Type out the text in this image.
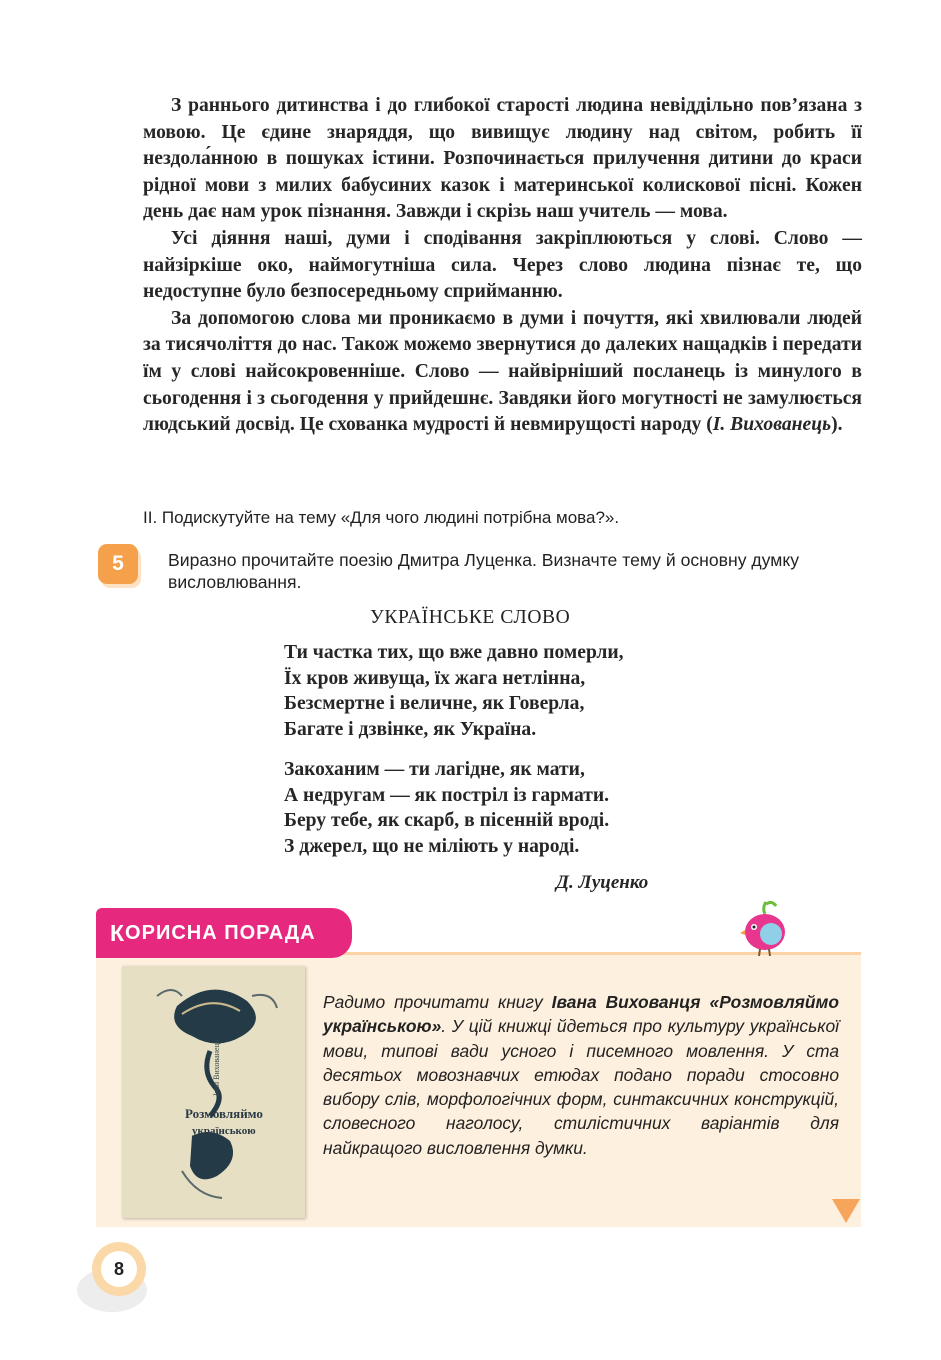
З раннього дитинства і до глибокої старості людина невіддільно пов’язана з мовою. Це єдине знаряддя, що вивищує людину над світом, робить її нездола́нною в пошуках істини. Розпочинається прилучення дитини до краси рідної мови з милих бабусиних казок і материнської колискової пісні. Кожен день дає нам урок пізнання. Завжди і скрізь наш учитель — мова.

Усі діяння наші, думи і сподівання закріплюються у слові. Слово — найзіркіше око, наймогутніша сила. Через слово людина пізнає те, що недоступне було безпосередньому сприйманню.

За допомогою слова ми проникаємо в думи і почуття, які хвилювали людей за тисячоліття до нас. Також можемо звернутися до далеких нащадків і передати їм у слові найсокровенніше. Слово — найвірніший посланець із минулого в сьогодення і з сьогодення у прийдешнє. Завдяки його могутності не замулюється людський досвід. Це схованка мудрості й невмирущості народу (І. Вихованець).

ІІ. Подискутуйте на тему «Для чого людині потрібна мова?».
5	Виразно прочитайте поезію Дмитра Луценка. Визначте тему й основну думку висловлювання.
УКРАЇНСЬКЕ СЛОВО
Ти частка тих, що вже давно померли,
Їх кров живуща, їх жага нетлінна,
Безсмертне і величне, як Говерла,
Багате і дзвінке, як Україна.
Закоханим — ти лагідне, як мати,
А недругам — як постріл із гармати.
Беру тебе, як скарб, в пісенній вроді.
З джерел, що не міліють у народі.
Д. Луценко
К ОРИСНА ПОРАДА
Розмовляймо
українською
Іван Вихованець
Радимо прочитати книгу Івана Вихованця «Розмовляймо українською». У цій книжці йдеться про культуру української мови, типові вади усного і писемного мовлення. У ста десятьох мовознавчих етюдах подано поради стосовно вибору слів, морфологічних форм, синтаксичних конструкцій, словесного наголосу, стилістичних варіантів для найкращого висловлення думки.
8
